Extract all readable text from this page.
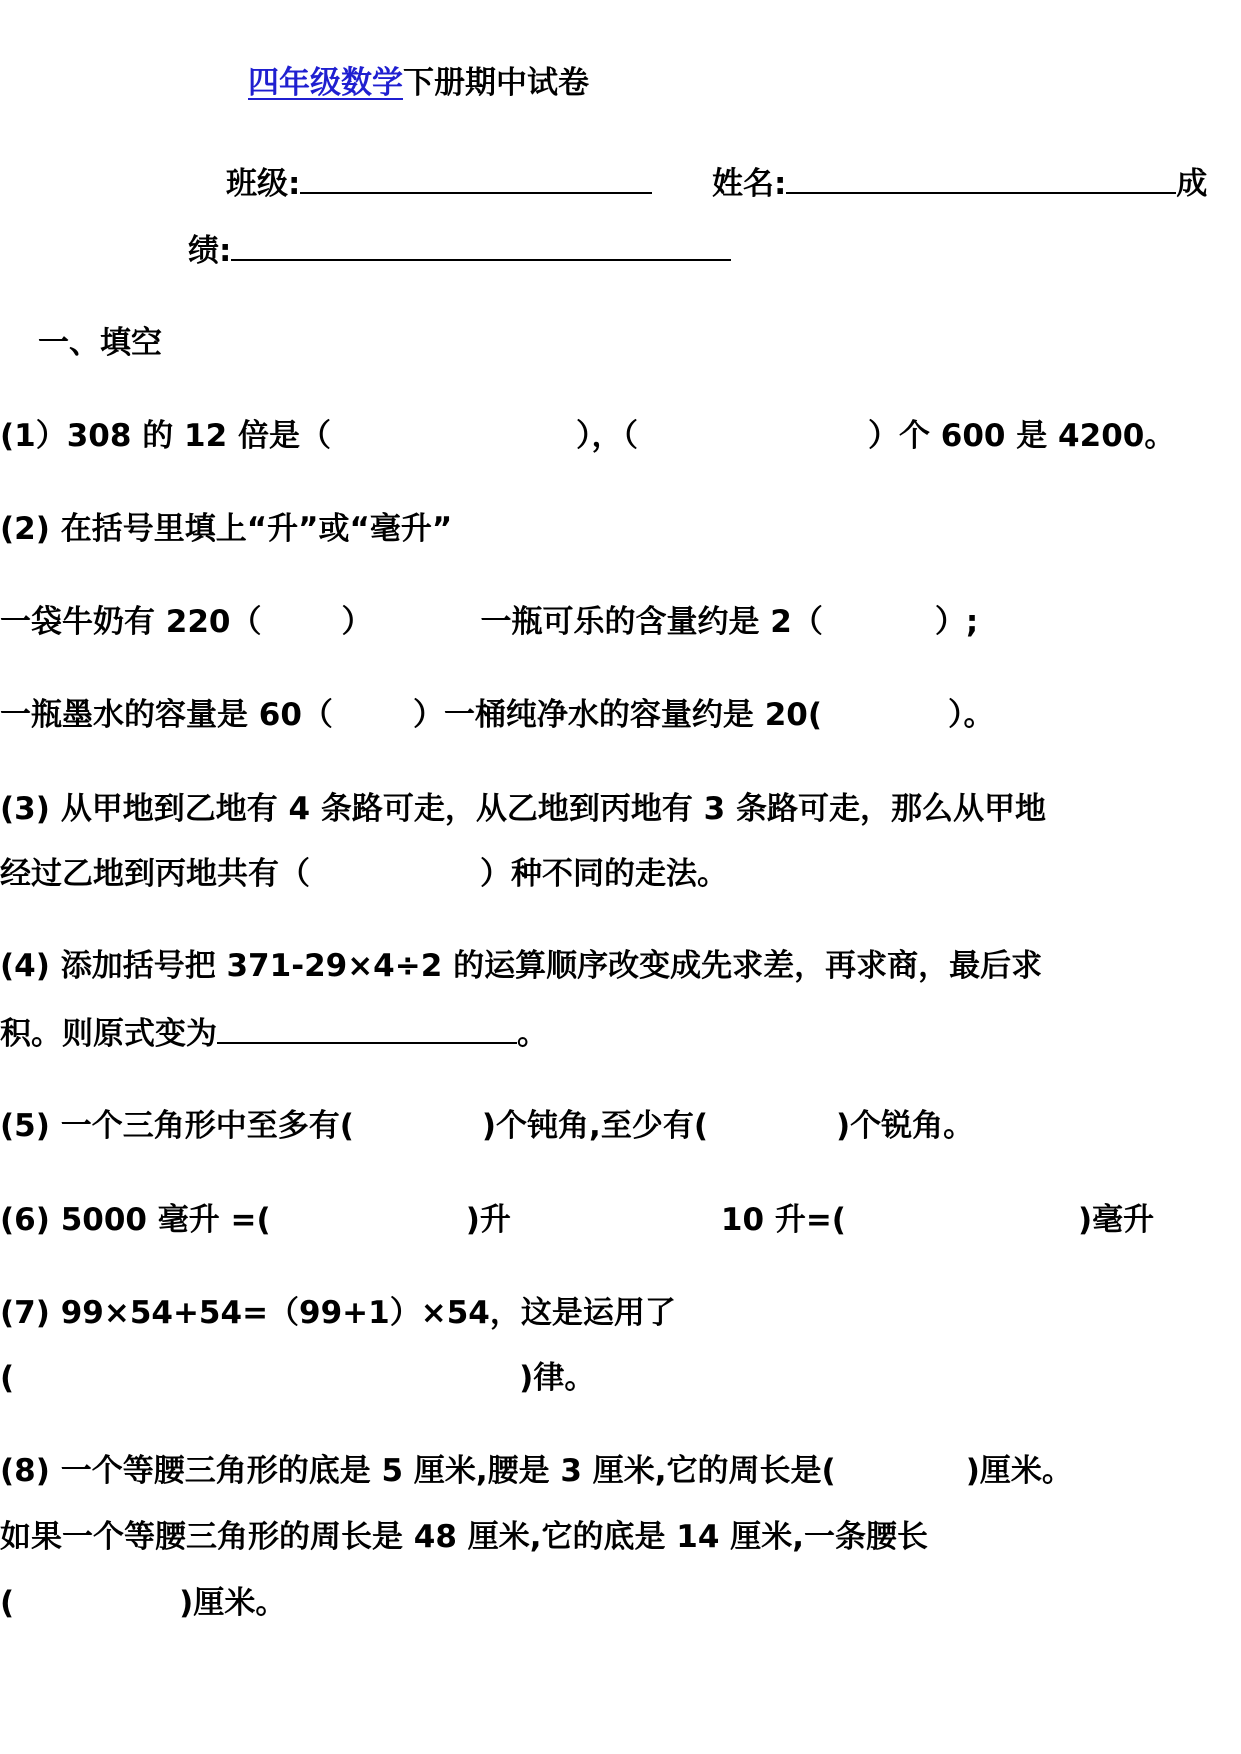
四年级数学下册期中试卷
班级:	姓名:	成
绩:
一、填空
(1）308 的 12 倍是（	），（	）个 600 是 4200。
(2) 在括号里填上“升”或“毫升”
一袋牛奶有 220（	）	一瓶可乐的含量约是 2（	）;
一瓶墨水的容量是 60（	）一桶纯净水的容量约是 20(	）。
(3) 从甲地到乙地有 4 条路可走，从乙地到丙地有 3 条路可走，那么从甲地
经过乙地到丙地共有（	）种不同的走法。
(4) 添加括号把 371-29×4÷2 的运算顺序改变成先求差，再求商，最后求
积。则原式变为	。
(5) 一个三角形中至多有(	)个钝角,至少有(	)个锐角。
(6) 5000 毫升 =(	)升	10 升=(	)毫升
(7) 99×54+54=（99+1）×54，这是运用了
(	)律。
(8) 一个等腰三角形的底是 5 厘米,腰是 3 厘米,它的周长是(	)厘米。
如果一个等腰三角形的周长是 48 厘米,它的底是 14 厘米,一条腰长
(	)厘米。
